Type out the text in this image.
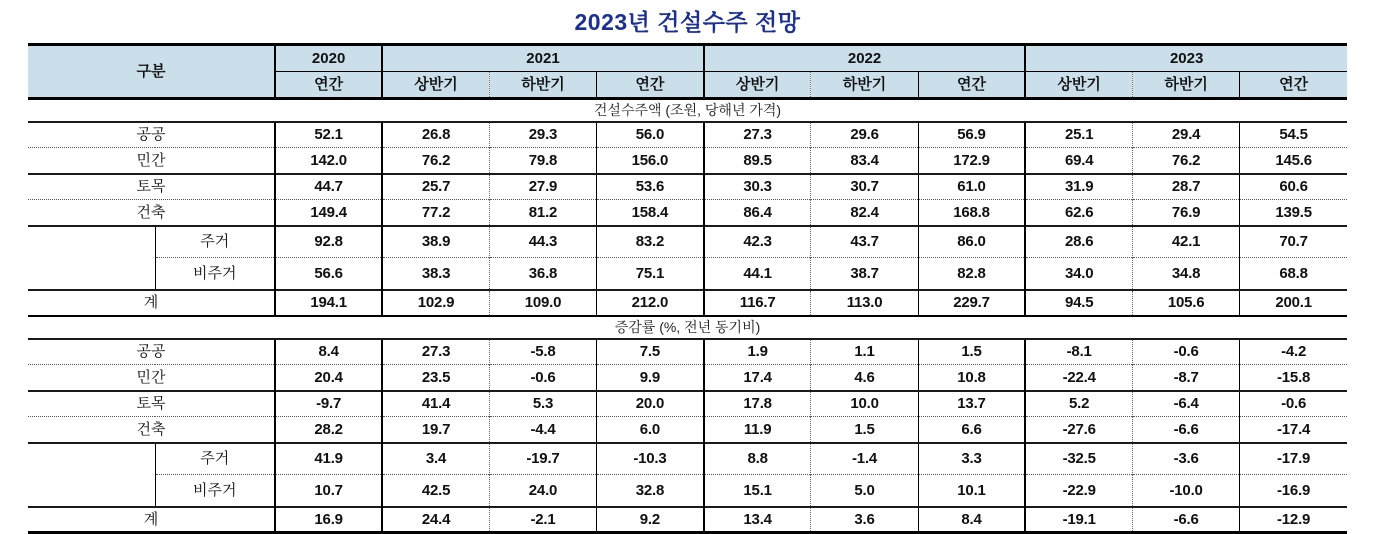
2023년 건설수주 전망
구분		2020	2021			2022			2023		
		연간	상반기	하반기	연간	상반기	하반기	연간	상반기	하반기	연간
건설수주액 (조원, 당해년 가격)											
공공		52.1	26.8	29.3	56.0	27.3	29.6	56.9	25.1	29.4	54.5
민간		142.0	76.2	79.8	156.0	89.5	83.4	172.9	69.4	76.2	145.6
토목		44.7	25.7	27.9	53.6	30.3	30.7	61.0	31.9	28.7	60.6
건축		149.4	77.2	81.2	158.4	86.4	82.4	168.8	62.6	76.9	139.5
	주거	92.8	38.9	44.3	83.2	42.3	43.7	86.0	28.6	42.1	70.7
	비주거	56.6	38.3	36.8	75.1	44.1	38.7	82.8	34.0	34.8	68.8
계		194.1	102.9	109.0	212.0	116.7	113.0	229.7	94.5	105.6	200.1
증감률 (%, 전년 동기비)											
공공		8.4	27.3	-5.8	7.5	1.9	1.1	1.5	-8.1	-0.6	-4.2
민간		20.4	23.5	-0.6	9.9	17.4	4.6	10.8	-22.4	-8.7	-15.8
토목		-9.7	41.4	5.3	20.0	17.8	10.0	13.7	5.2	-6.4	-0.6
건축		28.2	19.7	-4.4	6.0	11.9	1.5	6.6	-27.6	-6.6	-17.4
	주거	41.9	3.4	-19.7	-10.3	8.8	-1.4	3.3	-32.5	-3.6	-17.9
	비주거	10.7	42.5	24.0	32.8	15.1	5.0	10.1	-22.9	-10.0	-16.9
계		16.9	24.4	-2.1	9.2	13.4	3.6	8.4	-19.1	-6.6	-12.9
